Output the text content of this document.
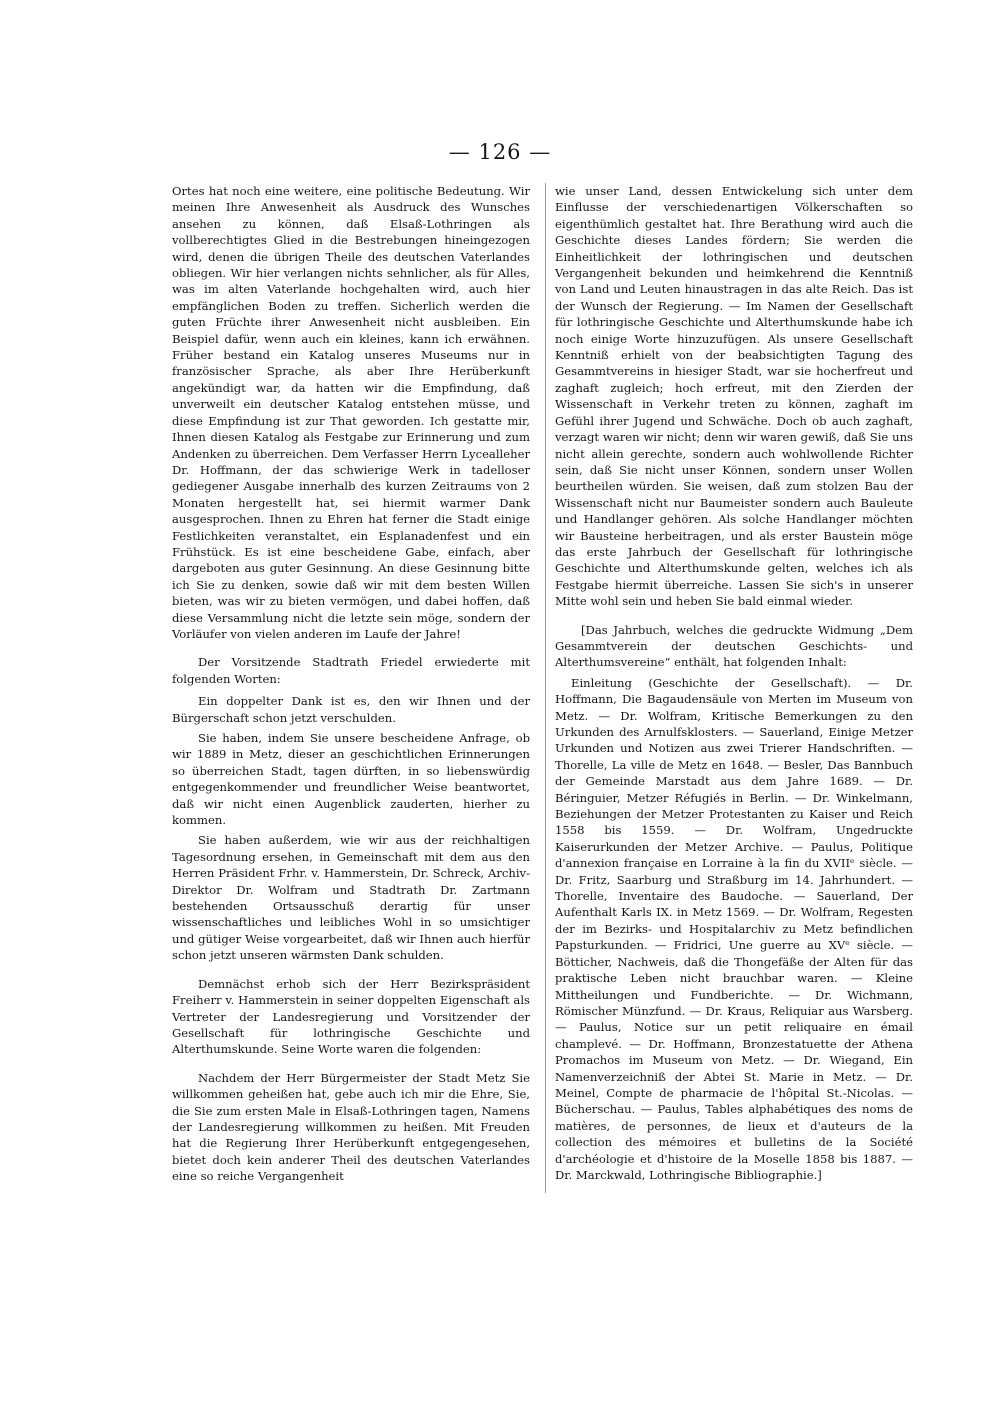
— 126 —

Ortes hat noch eine weitere, eine politische Bedeutung. Wir meinen Ihre Anwesenheit als Ausdruck des Wunsches ansehen zu können, daß Elsaß-Lothringen als vollberechtigtes Glied in die Bestrebungen hineingezogen wird, denen die übrigen Theile des deutschen Vaterlandes obliegen. Wir hier verlangen nichts sehnlicher, als für Alles, was im alten Vaterlande hochgehalten wird, auch hier empfänglichen Boden zu treffen. Sicherlich werden die guten Früchte ihrer Anwesenheit nicht ausbleiben. Ein Beispiel dafür, wenn auch ein kleines, kann ich erwähnen. Früher bestand ein Katalog unseres Museums nur in französischer Sprache, als aber Ihre Herüberkunft angekündigt war, da hatten wir die Empfindung, daß unverweilt ein deutscher Katalog entstehen müsse, und diese Empfindung ist zur That geworden. Ich gestatte mir, Ihnen diesen Katalog als Festgabe zur Erinnerung und zum Andenken zu überreichen. Dem Verfasser Herrn Lycealleher Dr. Hoffmann, der das schwierige Werk in tadelloser gediegener Ausgabe innerhalb des kurzen Zeitraums von 2 Monaten hergestellt hat, sei hiermit warmer Dank ausgesprochen. Ihnen zu Ehren hat ferner die Stadt einige Festlichkeiten veranstaltet, ein Esplanadenfest und ein Frühstück. Es ist eine bescheidene Gabe, einfach, aber dargeboten aus guter Gesinnung. An diese Gesinnung bitte ich Sie zu denken, sowie daß wir mit dem besten Willen bieten, was wir zu bieten vermögen, und dabei hoffen, daß diese Versammlung nicht die letzte sein möge, sondern der Vorläufer von vielen anderen im Laufe der Jahre!

Der Vorsitzende Stadtrath Friedel erwiederte mit folgenden Worten:

Ein doppelter Dank ist es, den wir Ihnen und der Bürgerschaft schon jetzt verschulden.

Sie haben, indem Sie unsere bescheidene Anfrage, ob wir 1889 in Metz, dieser an geschichtlichen Erinnerungen so überreichen Stadt, tagen dürften, in so liebenswürdig entgegenkommender und freundlicher Weise beantwortet, daß wir nicht einen Augenblick zauderten, hierher zu kommen.

Sie haben außerdem, wie wir aus der reichhaltigen Tagesordnung ersehen, in Gemeinschaft mit dem aus den Herren Präsident Frhr. v. Hammerstein, Dr. Schreck, Archiv-Direktor Dr. Wolfram und Stadtrath Dr. Zartmann bestehenden Ortsausschuß derartig für unser wissenschaftliches und leibliches Wohl in so umsichtiger und gütiger Weise vorgearbeitet, daß wir Ihnen auch hierfür schon jetzt unseren wärmsten Dank schulden.

Demnächst erhob sich der Herr Bezirkspräsident Freiherr v. Hammerstein in seiner doppelten Eigenschaft als Vertreter der Landesregierung und Vorsitzender der Gesellschaft für lothringische Geschichte und Alterthumskunde. Seine Worte waren die folgenden:

Nachdem der Herr Bürgermeister der Stadt Metz Sie willkommen geheißen hat, gebe auch ich mir die Ehre, Sie, die Sie zum ersten Male in Elsaß-Lothringen tagen, Namens der Landesregierung willkommen zu heißen. Mit Freuden hat die Regierung Ihrer Herüberkunft entgegengesehen, bietet doch kein anderer Theil des deutschen Vaterlandes eine so reiche Vergangenheit

wie unser Land, dessen Entwickelung sich unter dem Einflusse der verschiedenartigen Völkerschaften so eigenthümlich gestaltet hat. Ihre Berathung wird auch die Geschichte dieses Landes fördern; Sie werden die Einheitlichkeit der lothringischen und deutschen Vergangenheit bekunden und heimkehrend die Kenntniß von Land und Leuten hinaustragen in das alte Reich. Das ist der Wunsch der Regierung. — Im Namen der Gesellschaft für lothringische Geschichte und Alterthumskunde habe ich noch einige Worte hinzuzufügen. Als unsere Gesellschaft Kenntniß erhielt von der beabsichtigten Tagung des Gesammtvereins in hiesiger Stadt, war sie hocherfreut und zaghaft zugleich; hoch erfreut, mit den Zierden der Wissenschaft in Verkehr treten zu können, zaghaft im Gefühl ihrer Jugend und Schwäche. Doch ob auch zaghaft, verzagt waren wir nicht; denn wir waren gewiß, daß Sie uns nicht allein gerechte, sondern auch wohlwollende Richter sein, daß Sie nicht unser Können, sondern unser Wollen beurtheilen würden. Sie weisen, daß zum stolzen Bau der Wissenschaft nicht nur Baumeister sondern auch Bauleute und Handlanger gehören. Als solche Handlanger möchten wir Bausteine herbeitragen, und als erster Baustein möge das erste Jahrbuch der Gesellschaft für lothringische Geschichte und Alterthumskunde gelten, welches ich als Festgabe hiermit überreiche. Lassen Sie sich's in unserer Mitte wohl sein und heben Sie bald einmal wieder.

[Das Jahrbuch, welches die gedruckte Widmung „Dem Gesammtverein der deutschen Geschichts- und Alterthumsvereine“ enthält, hat folgenden Inhalt:

Einleitung (Geschichte der Gesellschaft). — Dr. Hoffmann, Die Bagaudensäule von Merten im Museum von Metz. — Dr. Wolfram, Kritische Bemerkungen zu den Urkunden des Arnulfsklosters. — Sauerland, Einige Metzer Urkunden und Notizen aus zwei Trierer Handschriften. — Thorelle, La ville de Metz en 1648. — Besler, Das Bannbuch der Gemeinde Marstadt aus dem Jahre 1689. — Dr. Béringuier, Metzer Réfugiés in Berlin. — Dr. Winkelmann, Beziehungen der Metzer Protestanten zu Kaiser und Reich 1558 bis 1559. — Dr. Wolfram, Ungedruckte Kaiserurkunden der Metzer Archive. — Paulus, Politique d'annexion française en Lorraine à la fin du XVIIᵉ siècle. — Dr. Fritz, Saarburg und Straßburg im 14. Jahrhundert. — Thorelle, Inventaire des Baudoche. — Sauerland, Der Aufenthalt Karls IX. in Metz 1569. — Dr. Wolfram, Regesten der im Bezirks- und Hospitalarchiv zu Metz befindlichen Papsturkunden. — Fridrici, Une guerre au XVᵉ siècle. — Bötticher, Nachweis, daß die Thongefäße der Alten für das praktische Leben nicht brauchbar waren. — Kleine Mittheilungen und Fundberichte. — Dr. Wichmann, Römischer Münzfund. — Dr. Kraus, Reliquiar aus Warsberg. — Paulus, Notice sur un petit reliquaire en émail champlevé. — Dr. Hoffmann, Bronzestatuette der Athena Promachos im Museum von Metz. — Dr. Wiegand, Ein Namenverzeichniß der Abtei St. Marie in Metz. — Dr. Meinel, Compte de pharmacie de l'hôpital St.-Nicolas. — Bücherschau. — Paulus, Tables alphabétiques des noms de matières, de personnes, de lieux et d'auteurs de la collection des mémoires et bulletins de la Société d'archéologie et d'histoire de la Moselle 1858 bis 1887. — Dr. Marckwald, Lothringische Bibliographie.]
